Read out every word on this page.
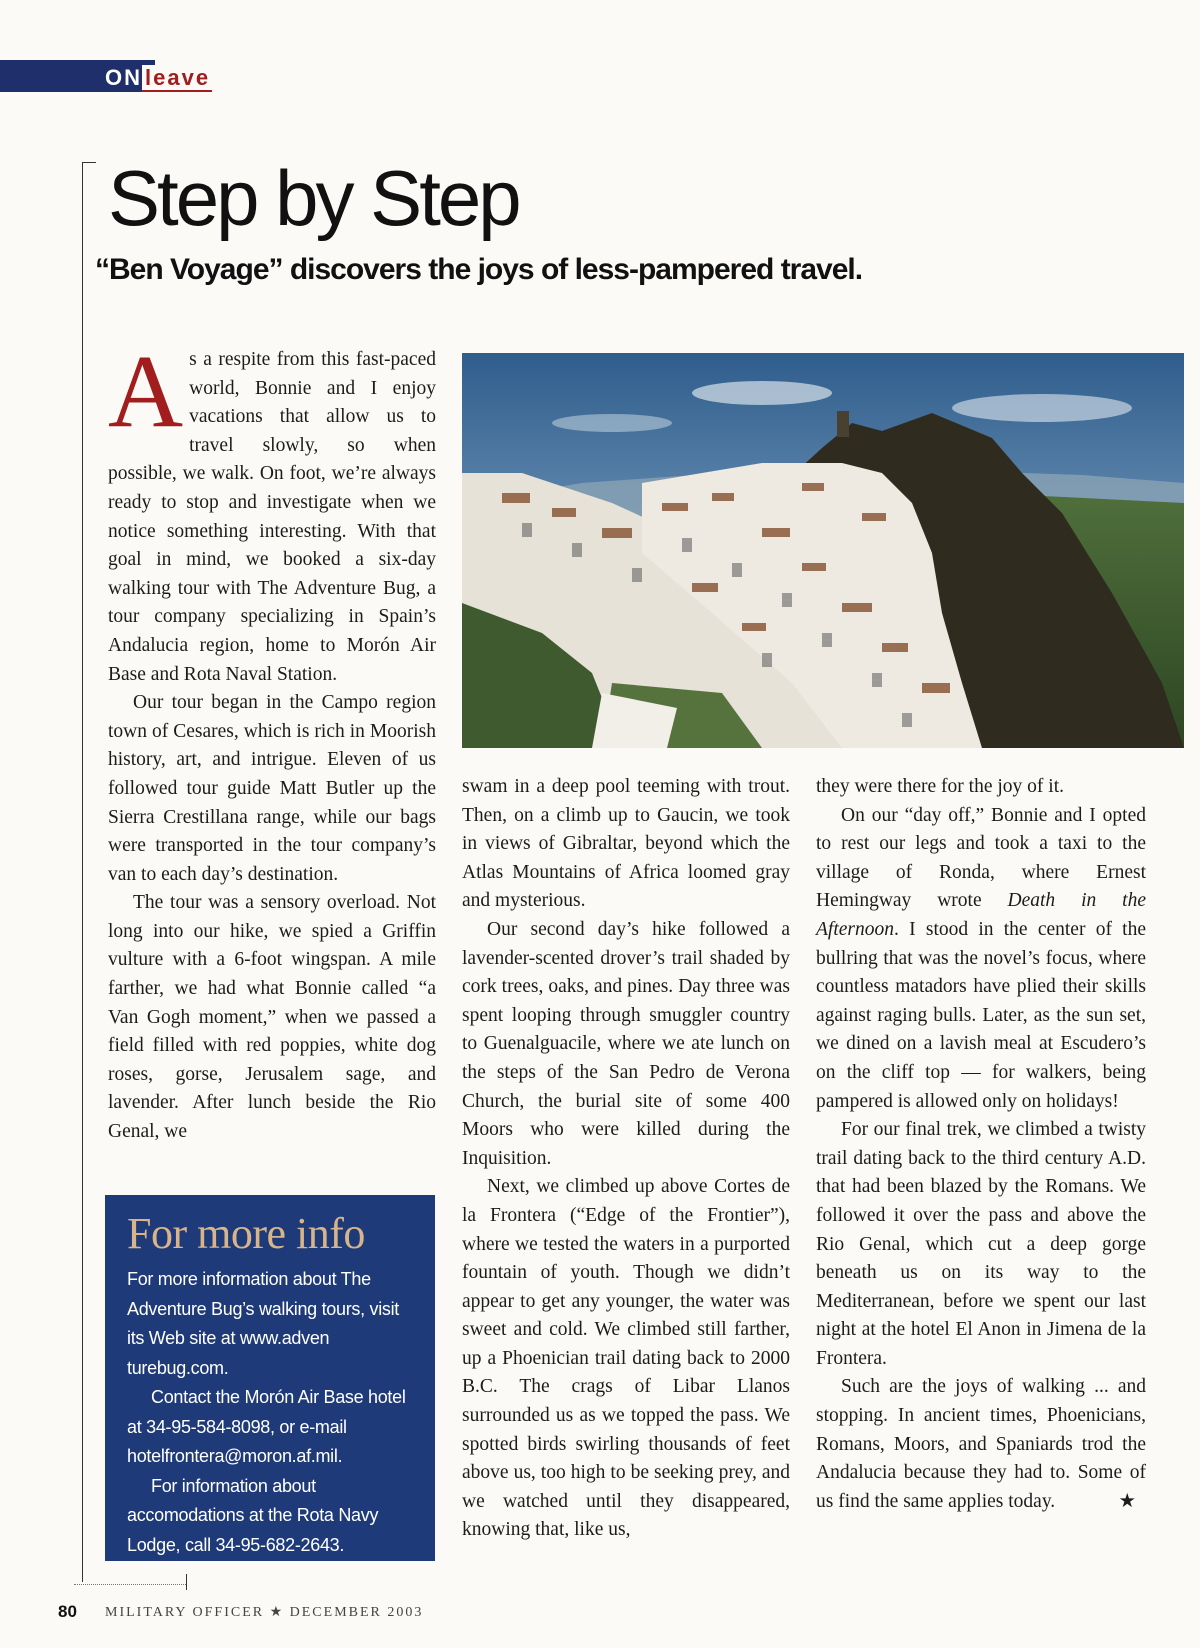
ON leave
Step by Step
“Ben Voyage” discovers the joys of less-pampered travel.

As a respite from this fast-paced world, Bonnie and I enjoy vacations that allow us to travel slowly, so when possible, we walk. On foot, we’re always ready to stop and investigate when we notice something interesting. With that goal in mind, we booked a six-day walking tour with The Adventure Bug, a tour company specializing in Spain’s Andalucia region, home to Morón Air Base and Rota Naval Station.

Our tour began in the Campo region town of Cesares, which is rich in Moorish history, art, and intrigue. Eleven of us followed tour guide Matt Butler up the Sierra Crestillana range, while our bags were transported in the tour company’s van to each day’s destination.

The tour was a sensory overload. Not long into our hike, we spied a Griffin vulture with a 6-foot wingspan. A mile farther, we had what Bonnie called “a Van Gogh moment,” when we passed a field filled with red poppies, white dog roses, gorse, Jerusalem sage, and lavender. After lunch beside the Rio Genal, we

swam in a deep pool teeming with trout. Then, on a climb up to Gaucin, we took in views of Gibraltar, beyond which the Atlas Mountains of Africa loomed gray and mysterious.

Our second day’s hike followed a lavender-scented drover’s trail shaded by cork trees, oaks, and pines. Day three was spent looping through smuggler country to Guenalguacile, where we ate lunch on the steps of the San Pedro de Verona Church, the burial site of some 400 Moors who were killed during the Inquisition.

Next, we climbed up above Cortes de la Frontera (“Edge of the Frontier”), where we tested the waters in a purported fountain of youth. Though we didn’t appear to get any younger, the water was sweet and cold. We climbed still farther, up a Phoenician trail dating back to 2000 B.C. The crags of Libar Llanos surrounded us as we topped the pass. We spotted birds swirling thousands of feet above us, too high to be seeking prey, and we watched until they disappeared, knowing that, like us,

they were there for the joy of it.

On our “day off,” Bonnie and I opted to rest our legs and took a taxi to the village of Ronda, where Ernest Hemingway wrote Death in the Afternoon. I stood in the center of the bullring that was the novel’s focus, where countless matadors have plied their skills against raging bulls. Later, as the sun set, we dined on a lavish meal at Escudero’s on the cliff top — for walkers, being pampered is allowed only on holidays!

For our final trek, we climbed a twisty trail dating back to the third century A.D. that had been blazed by the Romans. We followed it over the pass and above the Rio Genal, which cut a deep gorge beneath us on its way to the Mediterranean, before we spent our last night at the hotel El Anon in Jimena de la Frontera.

Such are the joys of walking ... and stopping. In ancient times, Phoenicians, Romans, Moors, and Spaniards trod the Andalucia because they had to. Some of us find the same applies today.	★

For more info

For more information about The Adventure Bug’s walking tours, visit its Web site at www.adven turebug.com.

Contact the Morón Air Base hotel at 34-95-584-8098, or e-mail hotelfrontera@moron.af.mil.

For information about accomodations at the Rota Navy Lodge, call 34-95-682-2643.

80 MILITARY OFFICER ★ DECEMBER 2003
